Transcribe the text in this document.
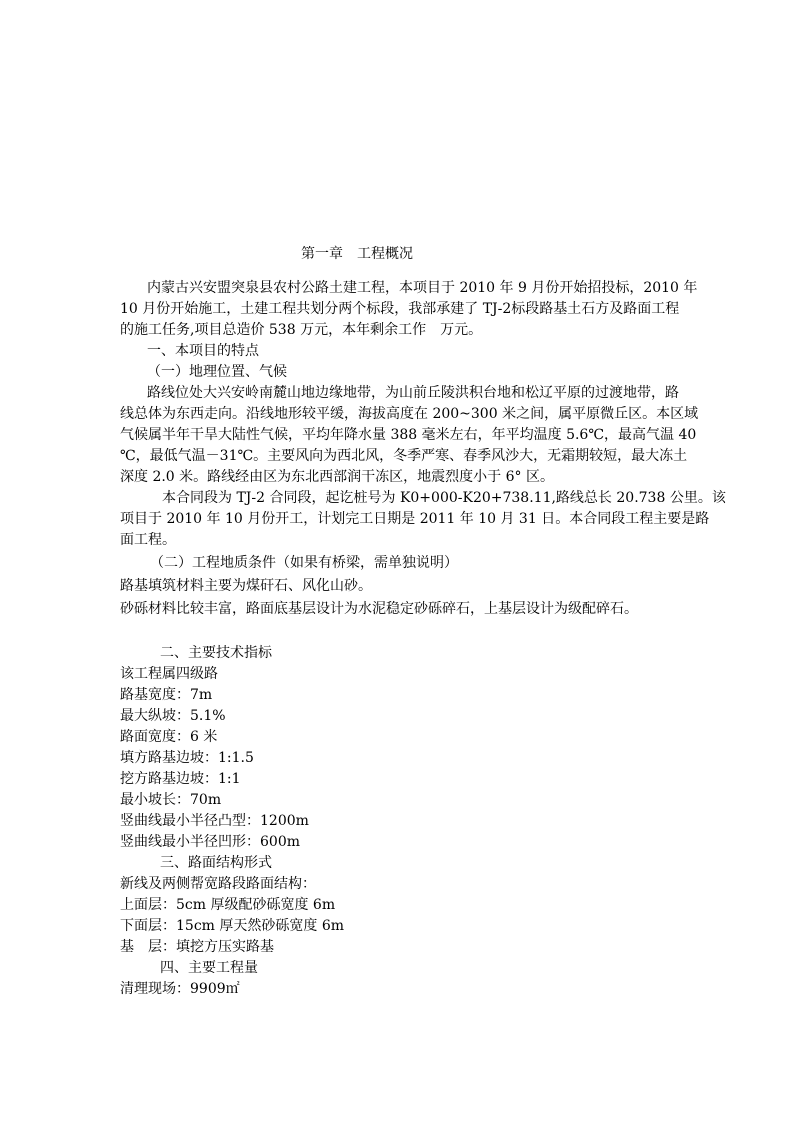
第一章　工程概况
内蒙古兴安盟突泉县农村公路土建工程，本项目于 2010 年 9 月份开始招投标，2010 年
10 月份开始施工，土建工程共划分两个标段，我部承建了 TJ-2标段路基土石方及路面工程
的施工任务,项目总造价 538 万元，本年剩余工作　万元。
一、本项目的特点
（一）地理位置、气候
路线位处大兴安岭南麓山地边缘地带，为山前丘陵洪积台地和松辽平原的过渡地带，路
线总体为东西走向。沿线地形较平缓，海拔高度在 200~300 米之间，属平原微丘区。本区域
气候属半年干旱大陆性气候，平均年降水量 388 毫米左右，年平均温度 5.6℃，最高气温 40
℃，最低气温－31℃。主要风向为西北风，冬季严寒、春季风沙大，无霜期较短，最大冻土
深度 2.0 米。路线经由区为东北西部润干冻区，地震烈度小于 6° 区。
本合同段为 TJ-2 合同段，起讫桩号为 K0+000-K20+738.11,路线总长 20.738 公里。该
项目于 2010 年 10 月份开工，计划完工日期是 2011 年 10 月 31 日。本合同段工程主要是路
面工程。
（二）工程地质条件（如果有桥梁，需单独说明）
路基填筑材料主要为煤矸石、风化山砂。
砂砾材料比较丰富，路面底基层设计为水泥稳定砂砾碎石，上基层设计为级配碎石。
二、主要技术指标
该工程属四级路
路基宽度：7m
最大纵坡：5.1%
路面宽度：6 米
填方路基边坡：1:1.5
挖方路基边坡：1:1
最小坡长：70m
竖曲线最小半径凸型：1200m
竖曲线最小半径凹形：600m
三、路面结构形式
新线及两侧帮宽路段路面结构：
上面层：5cm 厚级配砂砾宽度 6m
下面层：15cm 厚天然砂砾宽度 6m
基　层：填挖方压实路基
四、主要工程量
清理现场：9909㎡
